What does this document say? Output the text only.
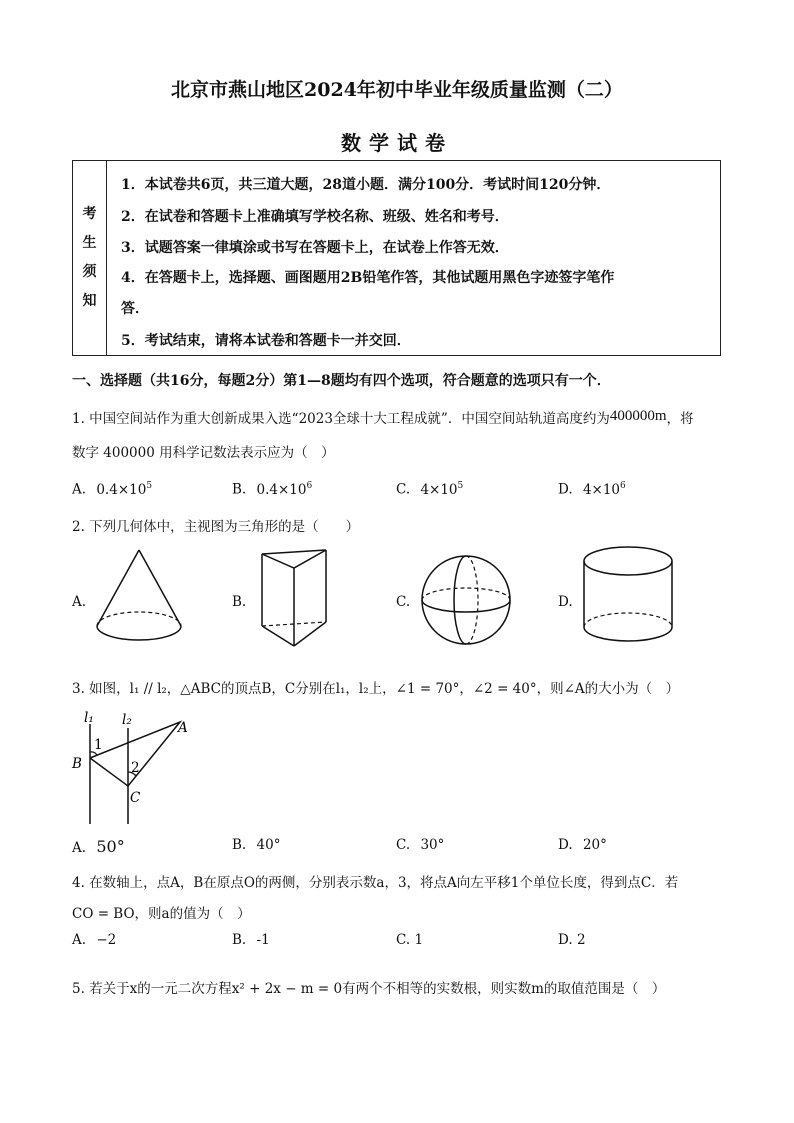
北京市燕山地区2024年初中毕业年级质量监测（二）
数学试卷
考
生
须
知
1．本试卷共6页，共三道大题，28道小题．满分100分．考试时间120分钟．
2．在试卷和答题卡上准确填写学校名称、班级、姓名和考号．
3．试题答案一律填涂或书写在答题卡上，在试卷上作答无效．
4．在答题卡上，选择题、画图题用2B铅笔作答，其他试题用黑色字迹签字笔作
答．
5．考试结束，请将本试卷和答题卡一并交回．
一、选择题（共16分，每题2分）第1—8题均有四个选项，符合题意的选项只有一个．
1. 中国空间站作为重大创新成果入选“2023全球十大工程成就”．中国空间站轨道高度约为400000m，将
数字 400000 用科学记数法表示应为（　）
A. $0.4\times 10^5$	B. $0.4\times 10^6$	C. $4\times 10^5$	D. $4\times 10^6$
2. 下列几何体中，主视图为三角形的是（　　）
A.	B.	C.	D.
3. 如图，l₁ // l₂，△ABC的顶点B，C分别在l₁，l₂上，∠1 = 70°，∠2 = 40°，则∠A的大小为（　）
l₁ l₂	A
B
C
1
2
A. 50°	B. 40°	C. 30°	D. 20°
4. 在数轴上，点A，B在原点O的两侧，分别表示数a，3，将点A向左平移1个单位长度，得到点C．若
CO = BO，则a的值为（　）
A. −2	B. -1	C. 1	D. 2
5. 若关于x的一元二次方程x² + 2x − m = 0有两个不相等的实数根，则实数m的取值范围是（　）
